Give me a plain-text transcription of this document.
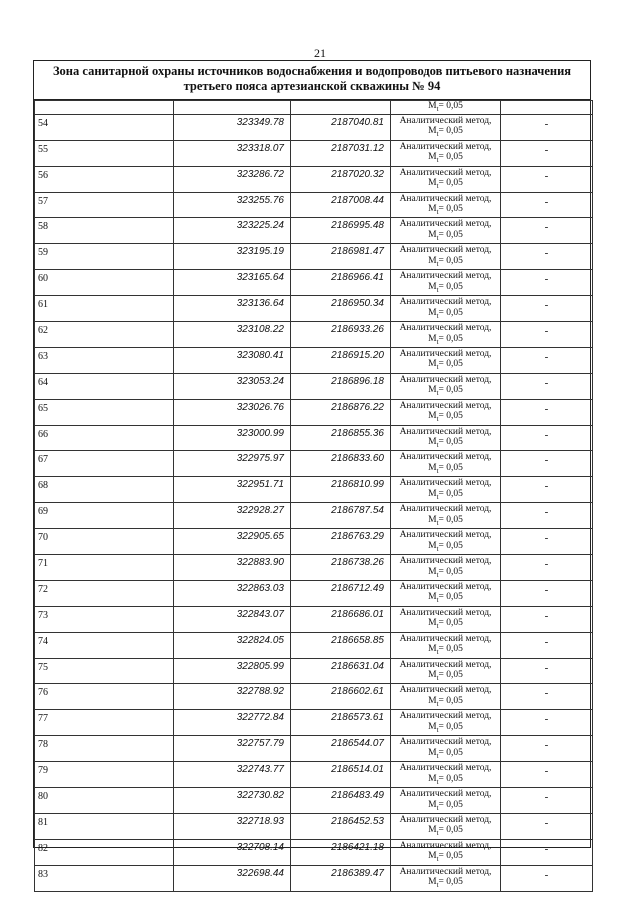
21
Зона санитарной охраны источников водоснабжения и водопроводов питьевого назначения
третьего пояса артезианской скважины № 94
			$M_t= 0,05$	
54	323349.78	2187040.81	Аналитический метод,
$M_t= 0,05$	-
55	323318.07	2187031.12	Аналитический метод,
$M_t= 0,05$	-
56	323286.72	2187020.32	Аналитический метод,
$M_t= 0,05$	-
57	323255.76	2187008.44	Аналитический метод,
$M_t= 0,05$	-
58	323225.24	2186995.48	Аналитический метод,
$M_t= 0,05$	-
59	323195.19	2186981.47	Аналитический метод,
$M_t= 0,05$	-
60	323165.64	2186966.41	Аналитический метод,
$M_t= 0,05$	-
61	323136.64	2186950.34	Аналитический метод,
$M_t= 0,05$	-
62	323108.22	2186933.26	Аналитический метод,
$M_t= 0,05$	-
63	323080.41	2186915.20	Аналитический метод,
$M_t= 0,05$	-
64	323053.24	2186896.18	Аналитический метод,
$M_t= 0,05$	-
65	323026.76	2186876.22	Аналитический метод,
$M_t= 0,05$	-
66	323000.99	2186855.36	Аналитический метод,
$M_t= 0,05$	-
67	322975.97	2186833.60	Аналитический метод,
$M_t= 0,05$	-
68	322951.71	2186810.99	Аналитический метод,
$M_t= 0,05$	-
69	322928.27	2186787.54	Аналитический метод,
$M_t= 0,05$	-
70	322905.65	2186763.29	Аналитический метод,
$M_t= 0,05$	-
71	322883.90	2186738.26	Аналитический метод,
$M_t= 0,05$	-
72	322863.03	2186712.49	Аналитический метод,
$M_t= 0,05$	-
73	322843.07	2186686.01	Аналитический метод,
$M_t= 0,05$	-
74	322824.05	2186658.85	Аналитический метод,
$M_t= 0,05$	-
75	322805.99	2186631.04	Аналитический метод,
$M_t= 0,05$	-
76	322788.92	2186602.61	Аналитический метод,
$M_t= 0,05$	-
77	322772.84	2186573.61	Аналитический метод,
$M_t= 0,05$	-
78	322757.79	2186544.07	Аналитический метод,
$M_t= 0,05$	-
79	322743.77	2186514.01	Аналитический метод,
$M_t= 0,05$	-
80	322730.82	2186483.49	Аналитический метод,
$M_t= 0,05$	-
81	322718.93	2186452.53	Аналитический метод,
$M_t= 0,05$	-
82	322708.14	2186421.18	Аналитический метод,
$M_t= 0,05$	-
83	322698.44	2186389.47	Аналитический метод,
$M_t= 0,05$	-
